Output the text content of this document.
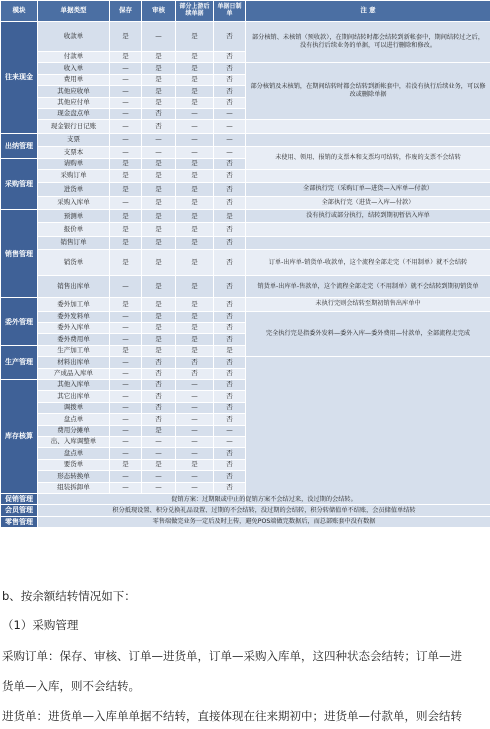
模块	单据类型	保存	审核	部分上游后续单据	单据日制单	注 意
往来现金	收款单	是	—	是	否	部分核销、未核销（预收款），在期间结转时都会结转到新帐套中，期间结转过之后，没有执行后续业务的单据，可以进行删除和修改。
	付款单	是	是	是	否	
	收入单	—	是	是	否	部分核销及未核销，在期间结转时都会结转到新帐套中，若没有执行后续业务，可以修改或删除单据
	费用单	—	是	是	否	
	其他应收单	—	是	是	否	
	其他应付单	—	是	是	否	
	现金盘点单	—	否	—	—	
	现金银行日记账	—	否	—	—	
出纳管理	支票	—	—	—	—	
	支票本	—	—	—	—	未使用、领用、报销的支票本和支票均可结转，作废的支票不会结转
采购管理	请购单	是	是	是	否	
	采购订单	是	是	是	否	
	进货单	是	是	是	否	全部执行完（采购订单—进货—入库单—付款）
	采购入库单	—	是	是	否	全部执行完（进货—入库—付款）
销售管理	预测单	是	是	是	是	没有执行或部分执行，结转到期初暂估入库单
	报价单	是	是	是	否	
	销售订单	是	是	是	否	
	销货单	是	是	是	否	订单-出库单-销货单-收款单，这个流程全部走完（不用制单）就不会结转
	销售出库单	—	是	是	否	销货单-出库单-售款单，这个流程全部走完（不用制单）就不会结转到期初销货单
委外管理	委外加工单	是	是	是	否	未执行完则会结转至期初销售出库单中
	委外发料单	—	是	是	否	完全执行完是指委外发料—委外入库—委外费用—付款单，全部流程走完成
	委外入库单	—	是	是	否	
	委外费用单	—	是	是	否	
生产管理	生产加工单	是	是	是	是	
	材料出库单	—	否	否	否	
	产成品入库单	—	否	否	否	
库存核算	其他入库单	—	否	—	否	
	其它出库单	—	否	—	否	
	调拨单	—	否	—	否	
	盘点单	—	否	—	否	
	费用分摊单	—	是	—	—	
	出、入库调整单	—	—	—	—	
	盘点单	—	—	—	否	
	要货单	是	是	是	否	
	形态转换单	—	—	—	否	
	组装拆卸单	—	—	—	否	
促销管理	促销方案：过期限或中止的促销方案不会结过来，没过期的会结转。					
会员管理	积分抵现设置、积分兑换礼品设置、过期的不会结转，没过期的会结转，积分转储值单不结账，会员储值单结转					
零售管理	零售端做完业务一定后及时上传，避免POS端做完数据后，而总部账套中没有数据					
b、按余额结转情况如下：
（1）采购管理
采购订单：保存、审核、订单—进货单，订单—采购入库单，这四种状态会结转；订单—进
货单—入库，则不会结转。
进货单：进货单—入库单单据不结转，直接体现在往来期初中；进货单—付款单，则会结转
